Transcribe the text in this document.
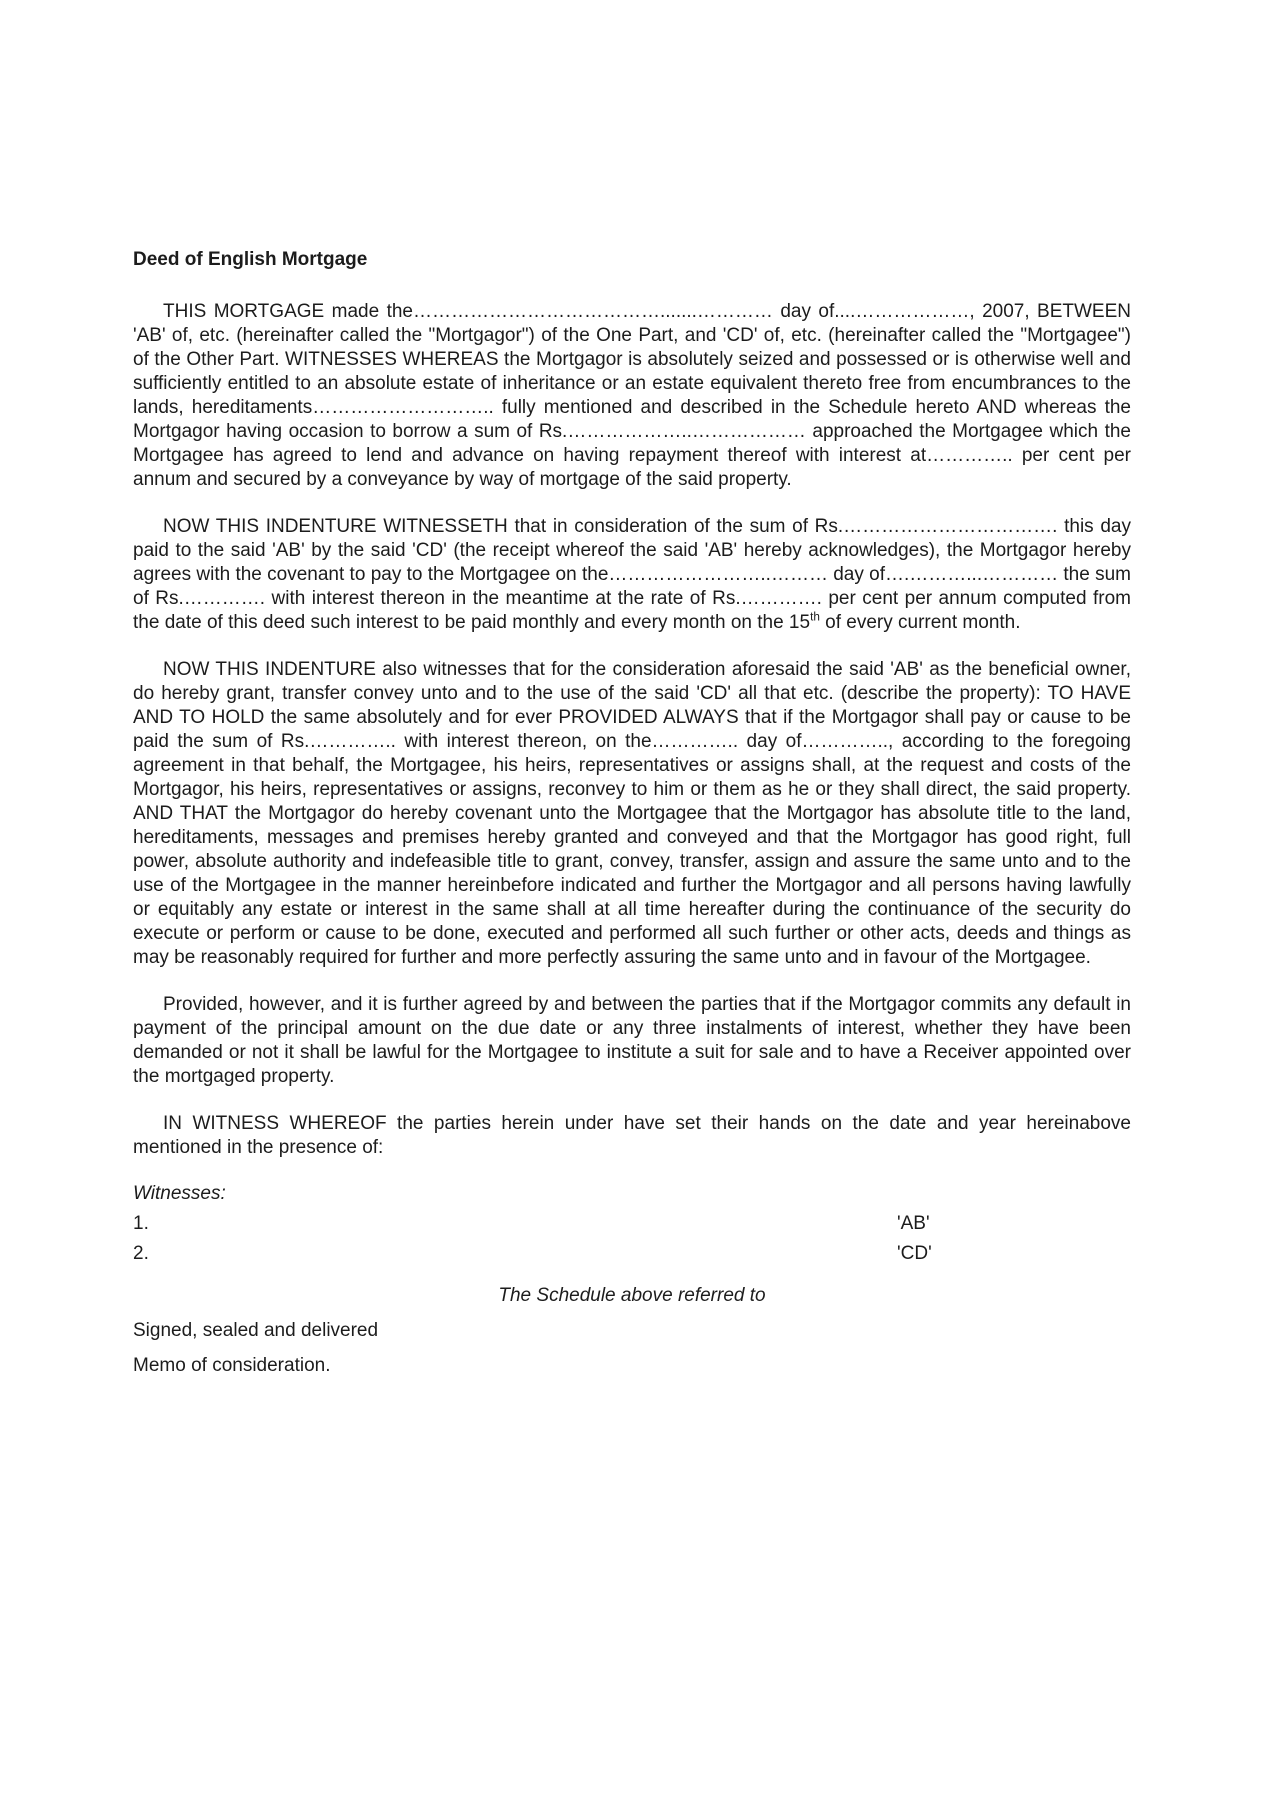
Deed of English Mortgage

THIS MORTGAGE made the………………………………….......………… day of....………………, 2007, BETWEEN 'AB' of, etc. (hereinafter called the "Mortgagor") of the One Part, and 'CD' of, etc. (hereinafter called the "Mortgagee") of the Other Part. WITNESSES WHEREAS the Mortgagor is absolutely seized and possessed or is otherwise well and sufficiently entitled to an absolute estate of inheritance or an estate equivalent thereto free from encumbrances to the lands, hereditaments……………………….. fully mentioned and described in the Schedule hereto AND whereas the Mortgagor having occasion to borrow a sum of Rs.………………..……………… approached the Mortgagee which the Mortgagee has agreed to lend and advance on having repayment thereof with interest at………….. per cent per annum and secured by a conveyance by way of mortgage of the said property.

NOW THIS INDENTURE WITNESSETH that in consideration of the sum of Rs.……………………………. this day paid to the said 'AB' by the said 'CD' (the receipt whereof the said 'AB' hereby acknowledges), the Mortgagor hereby agrees with the covenant to pay to the Mortgagee on the……………………..……… day of….………...………… the sum of Rs.…………. with interest thereon in the meantime at the rate of Rs.…………. per cent per annum computed from the date of this deed such interest to be paid monthly and every month on the 15th of every current month.

NOW THIS INDENTURE also witnesses that for the consideration aforesaid the said 'AB' as the beneficial owner, do hereby grant, transfer convey unto and to the use of the said 'CD' all that etc. (describe the property): TO HAVE AND TO HOLD the same absolutely and for ever PROVIDED ALWAYS that if the Mortgagor shall pay or cause to be paid the sum of Rs.………….. with interest thereon, on the………….. day of………….., according to the foregoing agreement in that behalf, the Mortgagee, his heirs, representatives or assigns shall, at the request and costs of the Mortgagor, his heirs, representatives or assigns, reconvey to him or them as he or they shall direct, the said property. AND THAT the Mortgagor do hereby covenant unto the Mortgagee that the Mortgagor has absolute title to the land, hereditaments, messages and premises hereby granted and conveyed and that the Mortgagor has good right, full power, absolute authority and indefeasible title to grant, convey, transfer, assign and assure the same unto and to the use of the Mortgagee in the manner hereinbefore indicated and further the Mortgagor and all persons having lawfully or equitably any estate or interest in the same shall at all time hereafter during the continuance of the security do execute or perform or cause to be done, executed and performed all such further or other acts, deeds and things as may be reasonably required for further and more perfectly assuring the same unto and in favour of the Mortgagee.

Provided, however, and it is further agreed by and between the parties that if the Mortgagor commits any default in payment of the principal amount on the due date or any three instalments of interest, whether they have been demanded or not it shall be lawful for the Mortgagee to institute a suit for sale and to have a Receiver appointed over the mortgaged property.

IN WITNESS WHEREOF the parties herein under have set their hands on the date and year hereinabove mentioned in the presence of:

Witnesses:
1.	'AB'
2.	'CD'
The Schedule above referred to
Signed, sealed and delivered
Memo of consideration.
